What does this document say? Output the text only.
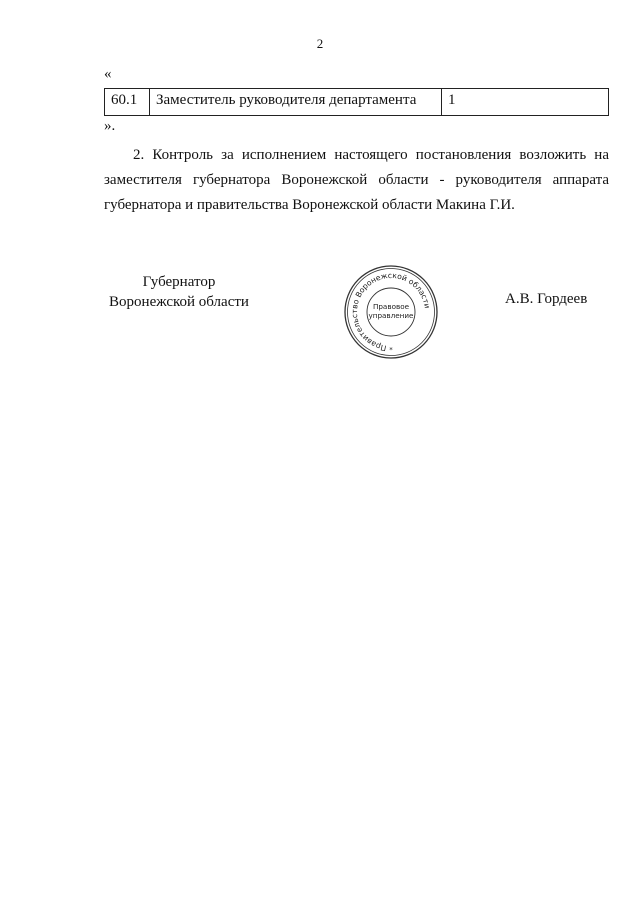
2
«
60.1	Заместитель руководителя департамента	1
».

2. Контроль за исполнением настоящего постановления возложить на заместителя губернатора Воронежской области - руководителя аппарата губернатора и правительства Воронежской области Макина Г.И.

Губернатор
Воронежской области
Правительство Воронежской области
Правовое
управление
*
А.В. Гордеев
